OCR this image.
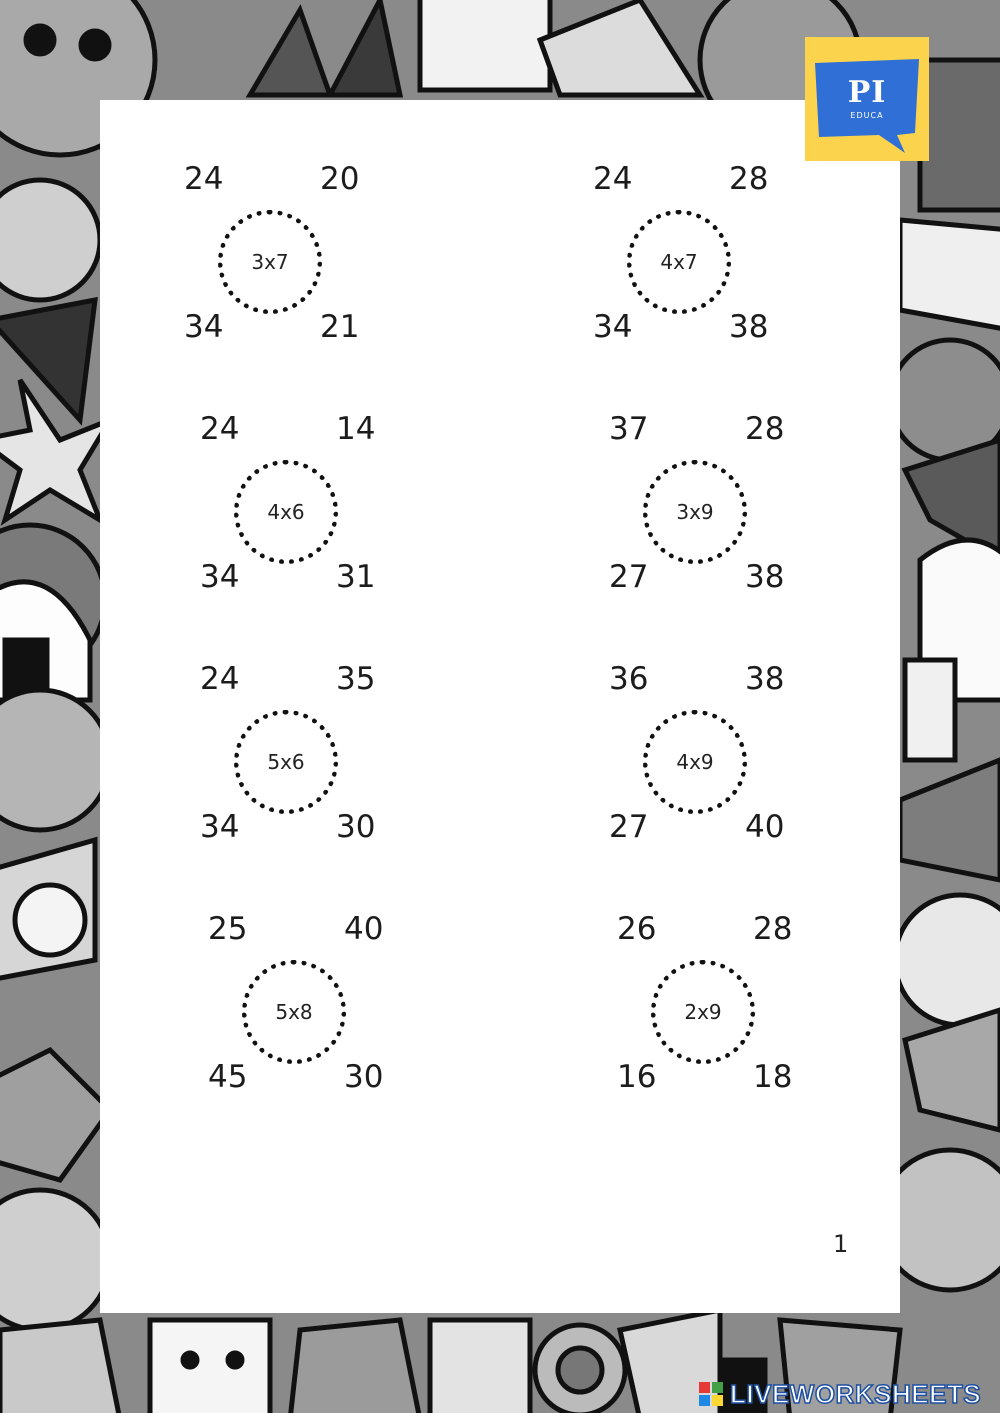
24	20
3x7
34	21
24	28
4x7
34	38
24	14
4x6
34	31
37	28
3x9
27	38
24	35
5x6
34	30
36	38
4x9
27	40
25	40
5x8
45	30
26	28
2x9
16	18
1
PI
EDUCA
LIVEWORKSHEETS
